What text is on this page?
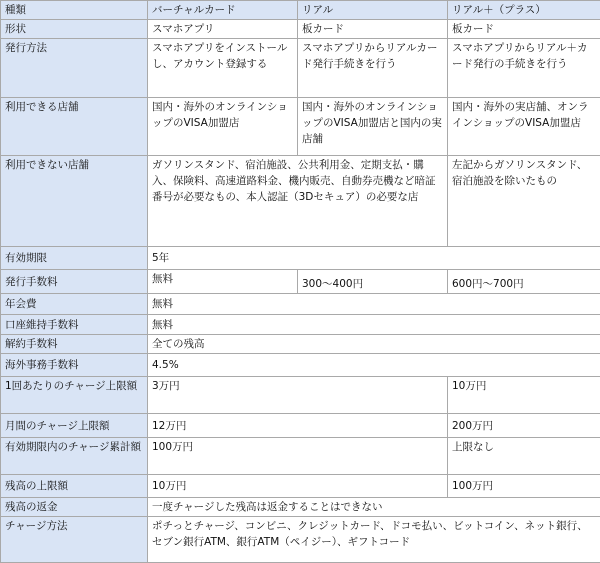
種類	バーチャルカード	リアル	リアル＋（プラス）
形状	スマホアプリ	板カード	板カード
発行方法	スマホアプリをインストールし、アカウント登録する	スマホアプリからリアルカード発行手続きを行う	スマホアプリからリアル＋カード発行の手続きを行う
利用できる店舗	国内・海外のオンラインショップのVISA加盟店	国内・海外のオンラインショップのVISA加盟店と国内の実店舗	国内・海外の実店舗、オンラインショップのVISA加盟店
利用できない店舗	ガソリンスタンド、宿泊施設、公共利用金、定期支払・購入、保険料、高速道路料金、機内販売、自動券売機など暗証番号が必要なもの、本人認証（3Dセキュア）の必要な店		左記からガソリンスタンド、宿泊施設を除いたもの
有効期限	5年		
発行手数料	無料	300〜400円	600円〜700円
年会費	無料		
口座維持手数料	無料		
解約手数料	全ての残高		
海外事務手数料	4.5%		
1回あたりのチャージ上限額	3万円		10万円
月間のチャージ上限額	12万円		200万円
有効期限内のチャージ累計額	100万円		上限なし
残高の上限額	10万円		100万円
残高の返金	一度チャージした残高は返金することはできない		
チャージ方法	ポチっとチャージ、コンビニ、クレジットカード、ドコモ払い、ビットコイン、ネット銀行、セブン銀行ATM、銀行ATM（ペイジー）、ギフトコード		
